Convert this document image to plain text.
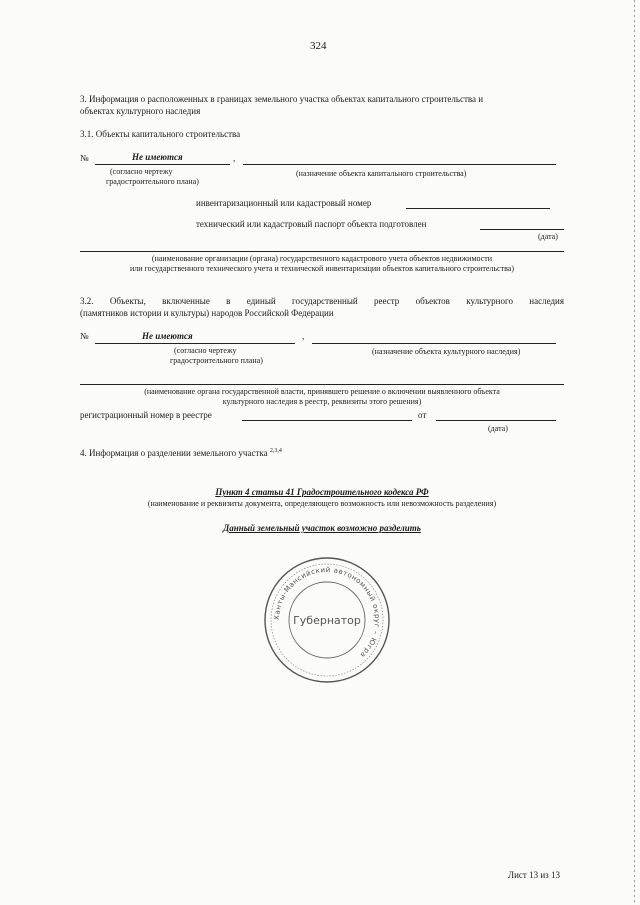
324
3. Информация о расположенных в границах земельного участка объектах капитального строительства и
объектах культурного наследия
3.1. Объекты капитального строительства
№	Не имеются	,
(согласно чертежу
градостроительного плана)
(назначение объекта капитального строительства)
инвентаризационный или кадастровый номер
технический или кадастровый паспорт объекта подготовлен
(дата)
(наименование организации (органа) государственного кадастрового учета объектов недвижимости
или государственного технического учета и технической инвентаризации объектов капитального строительства)
3.2. Объекты, включенные в единый государственный реестр объектов культурного наследия
(памятников истории и культуры) народов Российской Федерации
№	Не имеются	,
(согласно чертежу
градостроительного плана)
(назначение объекта культурного наследия)
(наименование органа государственной власти, принявшего решение о включении выявленного объекта
культурного наследия в реестр, реквизиты этого решения)
регистрационный номер в реестре	от
(дата)
4. Информация о разделении земельного участка $^{2,3,4}$
Пункт 4 статьи 41 Градостроительного кодекса РФ
(наименование и реквизиты документа, определяющего возможность или невозможность разделения)
Данный земельный участок возможно разделить
Ханты-Мансийский автономный округ – Югра
Губернатор
Лист 13 из 13
